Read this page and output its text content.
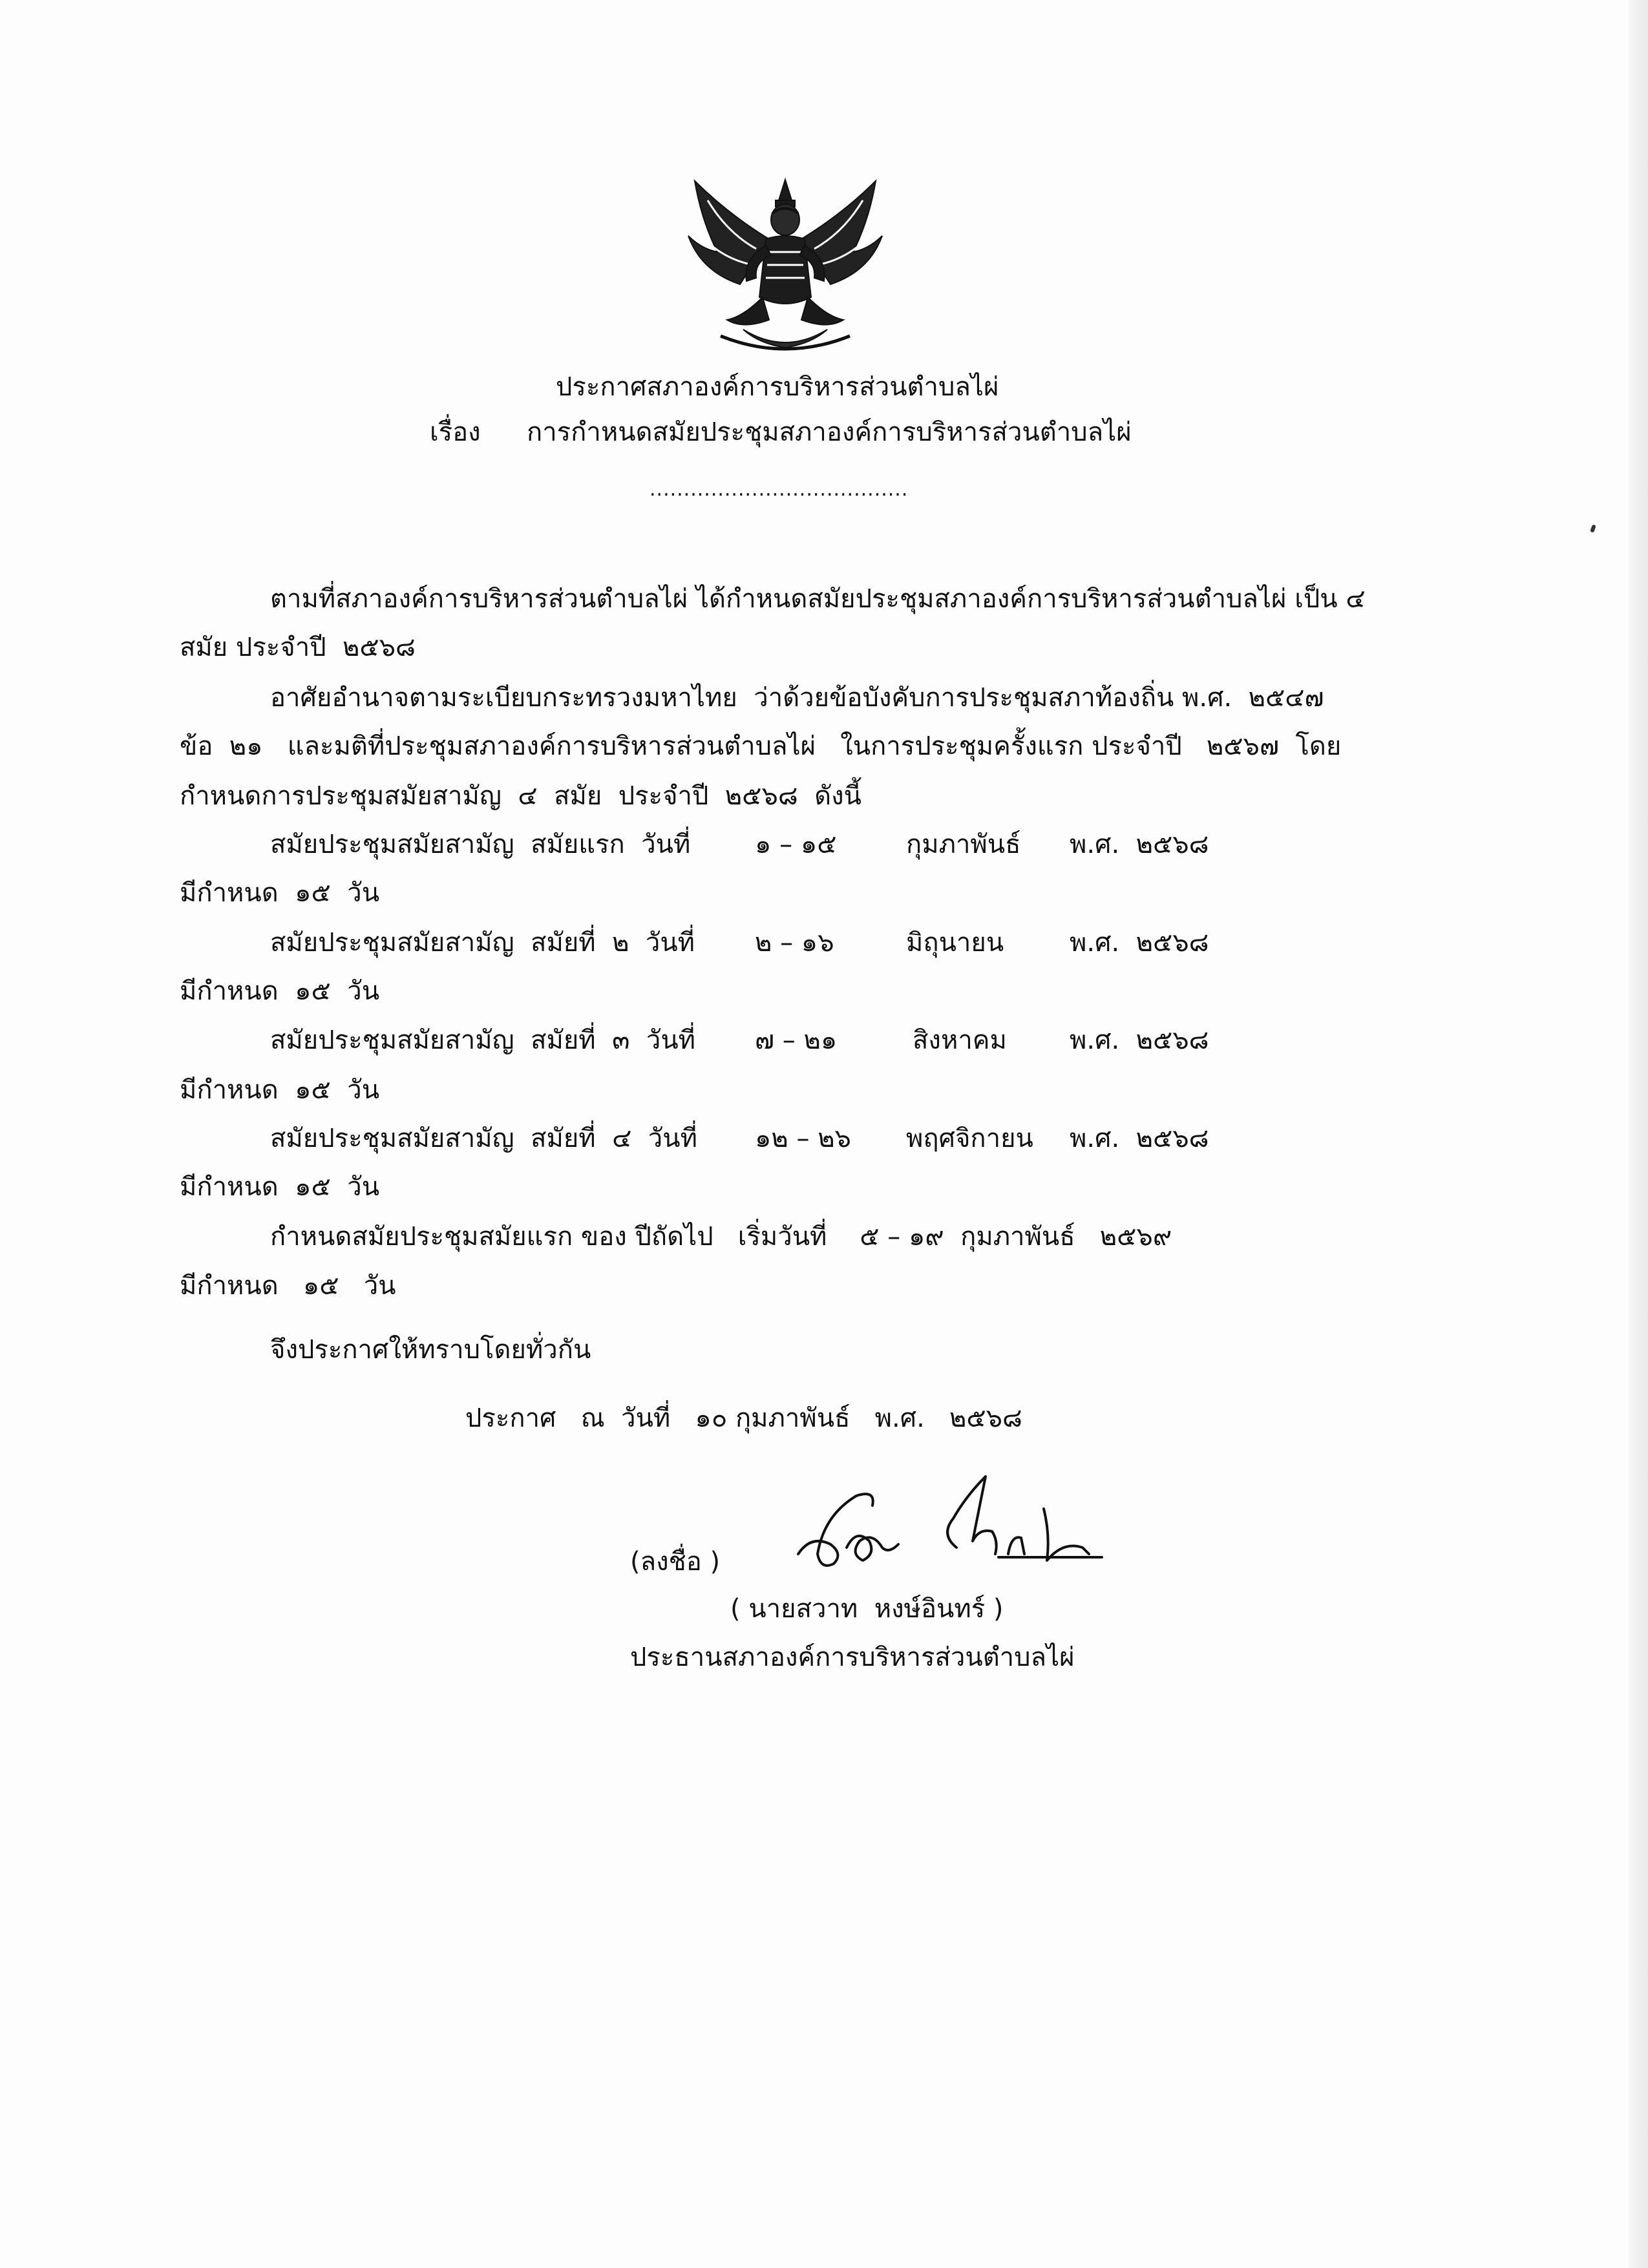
ประกาศสภาองค์การบริหารส่วนตำบลไผ่
เรื่อง การกำหนดสมัยประชุมสภาองค์การบริหารส่วนตำบลไผ่
......................................
ตามที่สภาองค์การบริหารส่วนตำบลไผ่ ได้กำหนดสมัยประชุมสภาองค์การบริหารส่วนตำบลไผ่ เป็น ๔
สมัย ประจำปี  ๒๕๖๘
อาศัยอำนาจตามระเบียบกระทรวงมหาไทย  ว่าด้วยข้อบังคับการประชุมสภาท้องถิ่น พ.ศ.  ๒๕๔๗
ข้อ  ๒๑   และมติที่ประชุมสภาองค์การบริหารส่วนตำบลไผ่   ในการประชุมครั้งแรก ประจำปี   ๒๕๖๗  โดย
กำหนดการประชุมสมัยสามัญ  ๔  สมัย  ประจำปี  ๒๕๖๘  ดังนี้
สมัยประชุมสมัยสามัญ  สมัยแรก  วันที่ ๑ – ๑๕	กุมภาพันธ์ พ.ศ.  ๒๕๖๘
มีกำหนด  ๑๕  วัน
สมัยประชุมสมัยสามัญ  สมัยที่  ๒  วันที่ ๒ – ๑๖	มิถุนายน	พ.ศ.  ๒๕๖๘
มีกำหนด  ๑๕  วัน
สมัยประชุมสมัยสามัญ  สมัยที่  ๓  วันที่ ๗ – ๒๑	สิงหาคม พ.ศ.  ๒๕๖๘
มีกำหนด  ๑๕  วัน
สมัยประชุมสมัยสามัญ  สมัยที่  ๔  วันที่ ๑๒ – ๒๖ พฤศจิกายน พ.ศ.  ๒๕๖๘
มีกำหนด  ๑๕  วัน
กำหนดสมัยประชุมสมัยแรก ของ ปีถัดไป   เริ่มวันที่    ๕ – ๑๙  กุมภาพันธ์   ๒๕๖๙
มีกำหนด   ๑๕   วัน
จึงประกาศให้ทราบโดยทั่วกัน
ประกาศ   ณ  วันที่   ๑๐ กุมภาพันธ์   พ.ศ.   ๒๕๖๘
(ลงชื่อ )
( นายสวาท  หงษ์อินทร์ )
ประธานสภาองค์การบริหารส่วนตำบลไผ่
